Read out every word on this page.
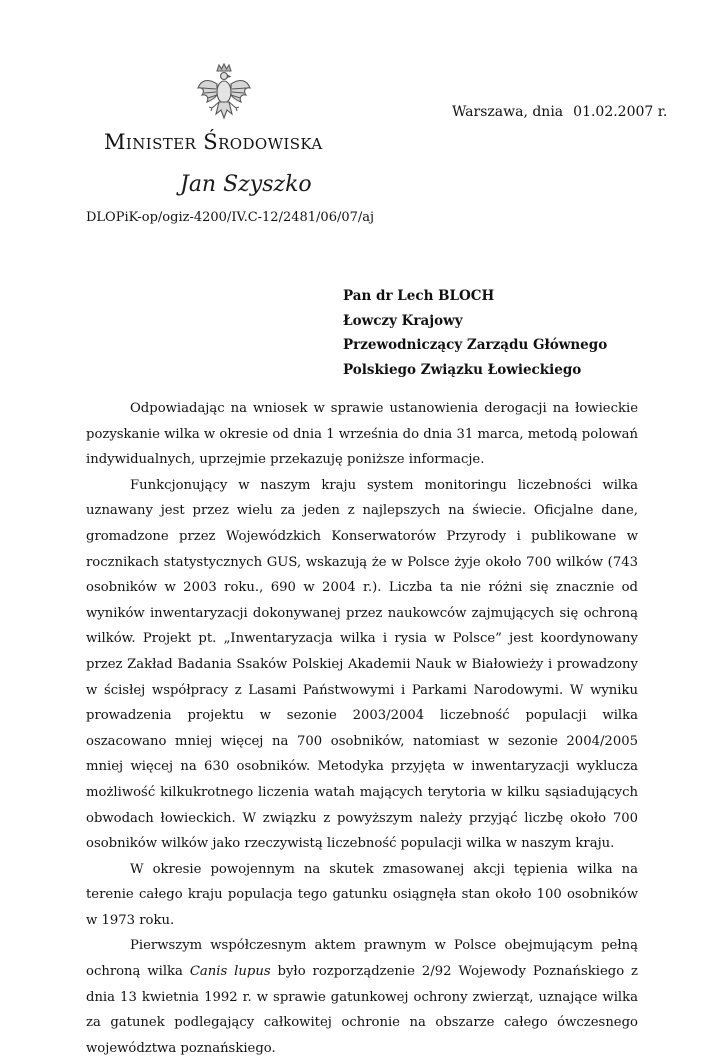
Warszawa, dnia 01.02.2007 r.
Minister Środowiska
Jan Szyszko
DLOPiK-op/ogiz-4200/IV.C-12/2481/06/07/aj
Pan dr Lech BLOCH
Łowczy Krajowy
Przewodniczący Zarządu Głównego
Polskiego Związku Łowieckiego

Odpowiadając na wniosek w sprawie ustanowienia derogacji na łowieckie pozyskanie wilka w okresie od dnia 1 września do dnia 31 marca, metodą polowań indywidualnych, uprzejmie przekazuję poniższe informacje.

Funkcjonujący w naszym kraju system monitoringu liczebności wilka uznawany jest przez wielu za jeden z najlepszych na świecie. Oficjalne dane, gromadzone przez Wojewódzkich Konserwatorów Przyrody i publikowane w rocznikach statystycznych GUS, wskazują że w Polsce żyje około 700 wilków (743 osobników w 2003 roku., 690 w 2004 r.). Liczba ta nie różni się znacznie od wyników inwentaryzacji dokonywanej przez naukowców zajmujących się ochroną wilków. Projekt pt. „Inwentaryzacja wilka i rysia w Polsce” jest koordynowany przez Zakład Badania Ssaków Polskiej Akademii Nauk w Białowieży i prowadzony w ścisłej współpracy z Lasami Państwowymi i Parkami Narodowymi. W wyniku prowadzenia projektu w sezonie 2003/2004 liczebność populacji wilka oszacowano mniej więcej na 700 osobników, natomiast w sezonie 2004/2005 mniej więcej na 630 osobników. Metodyka przyjęta w inwentaryzacji wyklucza możliwość kilkukrotnego liczenia watah mających terytoria w kilku sąsiadujących obwodach łowieckich. W związku z powyższym należy przyjąć liczbę około 700 osobników wilków jako rzeczywistą liczebność populacji wilka w naszym kraju.

W okresie powojennym na skutek zmasowanej akcji tępienia wilka na terenie całego kraju populacja tego gatunku osiągnęła stan około 100 osobników w 1973 roku.

Pierwszym współczesnym aktem prawnym w Polsce obejmującym pełną ochroną wilka Canis lupus było rozporządzenie 2/92 Wojewody Poznańskiego z dnia 13 kwietnia 1992 r. w sprawie gatunkowej ochrony zwierząt, uznające wilka za gatunek podlegający całkowitej ochronie na obszarze całego ówczesnego województwa poznańskiego.
